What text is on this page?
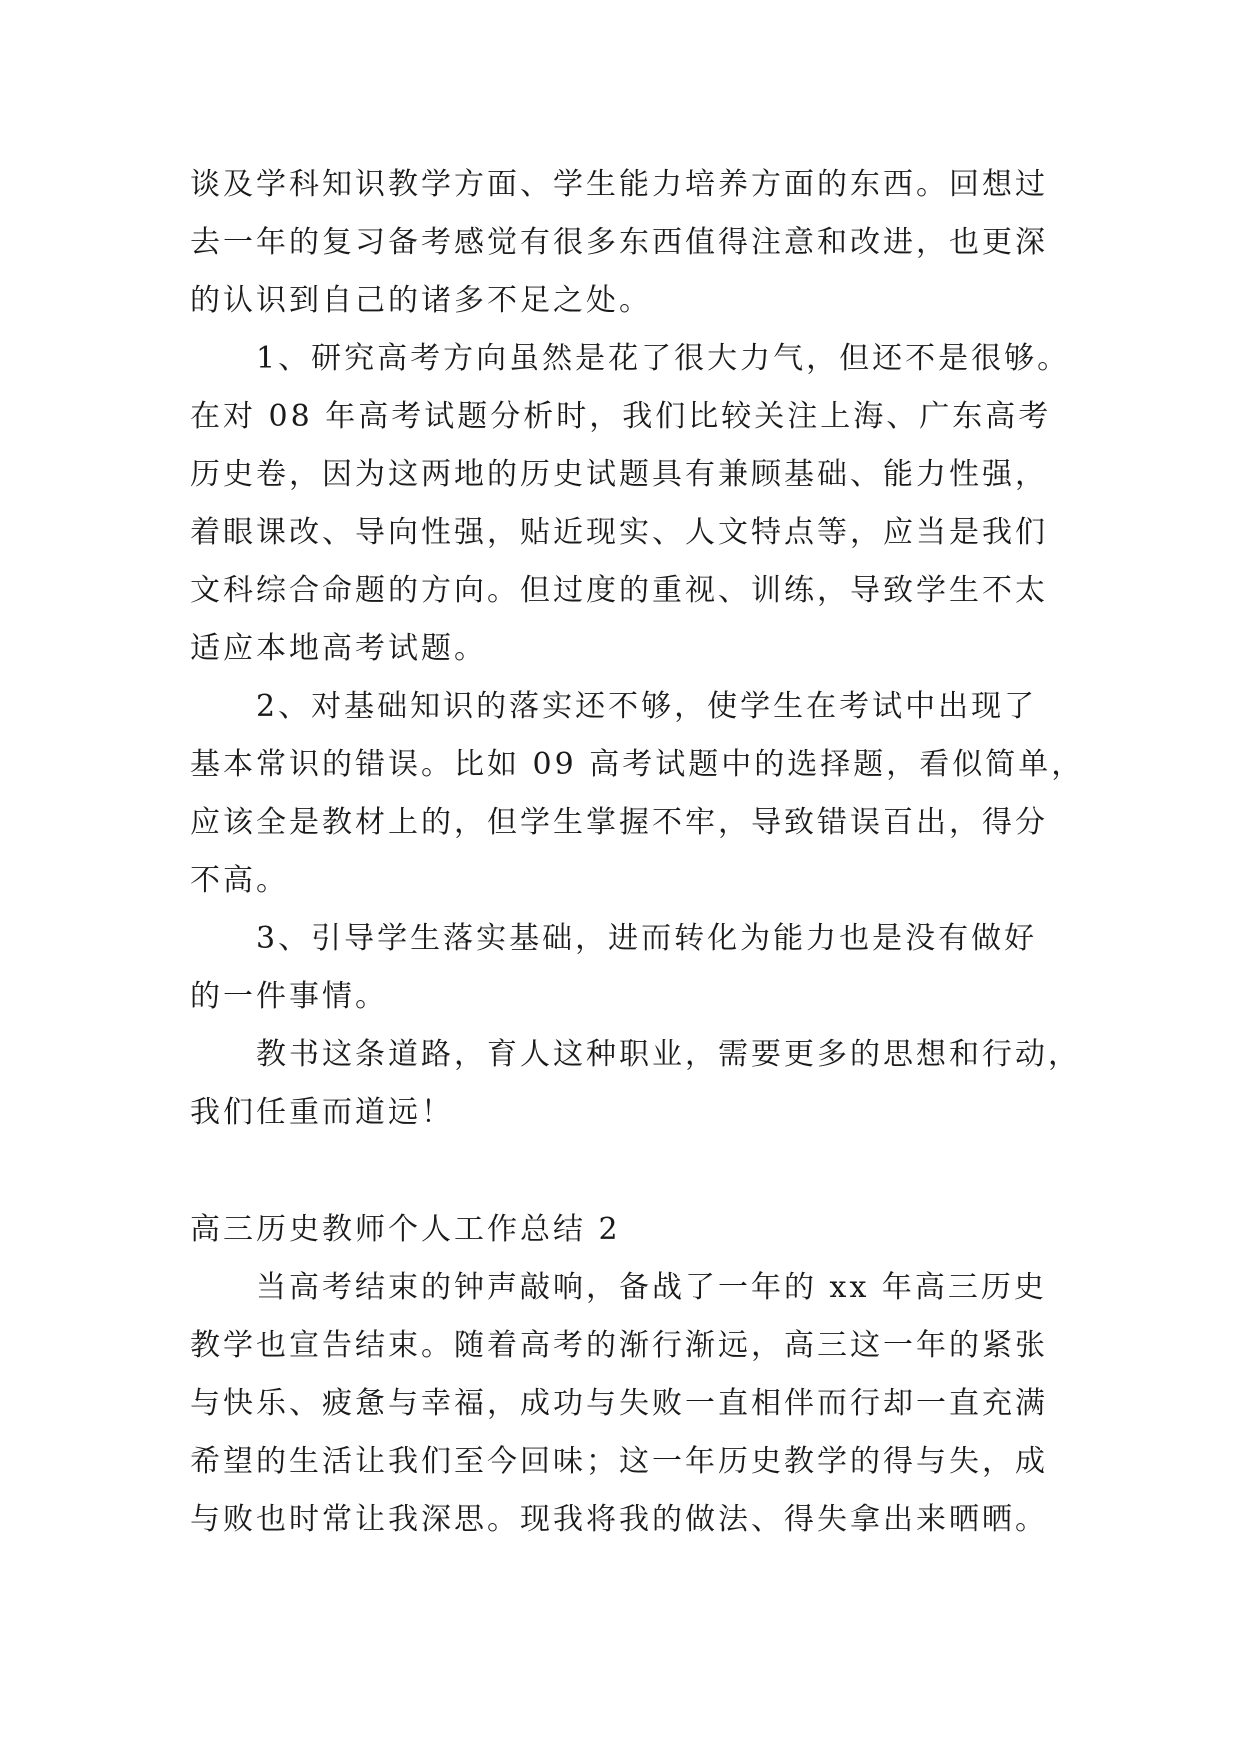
谈及学科知识教学方面、学生能力培养方面的东西。回想过
去一年的复习备考感觉有很多东西值得注意和改进，也更深
的认识到自己的诸多不足之处。
1、研究高考方向虽然是花了很大力气，但还不是很够。
在对 08 年高考试题分析时，我们比较关注上海、广东高考
历史卷，因为这两地的历史试题具有兼顾基础、能力性强，
着眼课改、导向性强，贴近现实、人文特点等，应当是我们
文科综合命题的方向。但过度的重视、训练，导致学生不太
适应本地高考试题。
2、对基础知识的落实还不够，使学生在考试中出现了
基本常识的错误。比如 09 高考试题中的选择题，看似简单，
应该全是教材上的，但学生掌握不牢，导致错误百出，得分
不高。
3、引导学生落实基础，进而转化为能力也是没有做好
的一件事情。
教书这条道路，育人这种职业，需要更多的思想和行动，
我们任重而道远！
高三历史教师个人工作总结 2
当高考结束的钟声敲响，备战了一年的 xx 年高三历史
教学也宣告结束。随着高考的渐行渐远，高三这一年的紧张
与快乐、疲惫与幸福，成功与失败一直相伴而行却一直充满
希望的生活让我们至今回味；这一年历史教学的得与失，成
与败也时常让我深思。现我将我的做法、得失拿出来晒晒。
